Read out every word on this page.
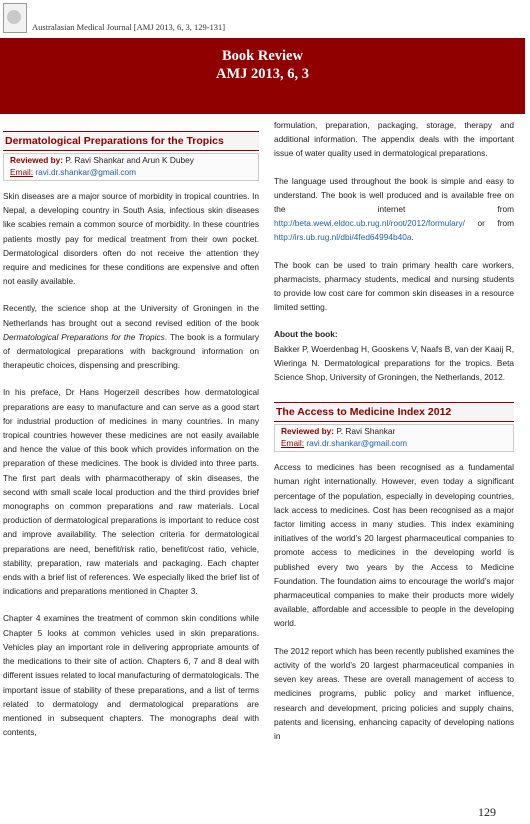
Australasian Medical Journal [AMJ 2013, 6, 3, 129-131]
Book Review
AMJ 2013, 6, 3
Dermatological Preparations for the Tropics
Reviewed by: P. Ravi Shankar and Arun K Dubey
Email: ravi.dr.shankar@gmail.com
Skin diseases are a major source of morbidity in tropical countries. In Nepal, a developing country in South Asia, infectious skin diseases like scabies remain a common source of morbidity. In these countries patients mostly pay for medical treatment from their own pocket. Dermatological disorders often do not receive the attention they require and medicines for these conditions are expensive and often not easily available.
Recently, the science shop at the University of Groningen in the Netherlands has brought out a second revised edition of the book Dermatological Preparations for the Tropics. The book is a formulary of dermatological preparations with background information on therapeutic choices, dispensing and prescribing.
In his preface, Dr Hans Hogerzeil describes how dermatological preparations are easy to manufacture and can serve as a good start for industrial production of medicines in many countries. In many tropical countries however these medicines are not easily available and hence the value of this book which provides information on the preparation of these medicines. The book is divided into three parts. The first part deals with pharmacotherapy of skin diseases, the second with small scale local production and the third provides brief monographs on common preparations and raw materials. Local production of dermatological preparations is important to reduce cost and improve availability. The selection criteria for dermatological preparations are need, benefit/risk ratio, benefit/cost ratio, vehicle, stability, preparation, raw materials and packaging. Each chapter ends with a brief list of references. We especially liked the brief list of indications and preparations mentioned in Chapter 3.
Chapter 4 examines the treatment of common skin conditions while Chapter 5 looks at common vehicles used in skin preparations. Vehicles play an important role in delivering appropriate amounts of the medications to their site of action. Chapters 6, 7 and 8 deal with different issues related to local manufacturing of dermatologicals. The important issue of stability of these preparations, and a list of terms related to dermatology and dermatological preparations are mentioned in subsequent chapters. The monographs deal with contents,
formulation, preparation, packaging, storage, therapy and additional information. The appendix deals with the important issue of water quality used in dermatological preparations.
The language used throughout the book is simple and easy to understand. The book is well produced and is available free on the internet from http://beta.wewi.eldoc.ub.rug.nl/root/2012/formulary/ or from http://irs.ub.rug.nl/dbi/4fed64994b40a.
The book can be used to train primary health care workers, pharmacists, pharmacy students, medical and nursing students to provide low cost care for common skin diseases in a resource limited setting.
About the book:
Bakker P, Woerdenbag H, Gooskens V, Naafs B, van der Kaaij R, Wieringa N. Dermatological preparations for the tropics. Beta Science Shop, University of Groningen, the Netherlands, 2012.
The Access to Medicine Index 2012
Reviewed by: P. Ravi Shankar
Email: ravi.dr.shankar@gmail.com
Access to medicines has been recognised as a fundamental human right internationally. However, even today a significant percentage of the population, especially in developing countries, lack access to medicines. Cost has been recognised as a major factor limiting access in many studies. This index examining initiatives of the world’s 20 largest pharmaceutical companies to promote access to medicines in the developing world is published every two years by the Access to Medicine Foundation. The foundation aims to encourage the world’s major pharmaceutical companies to make their products more widely available, affordable and accessible to people in the developing world.
The 2012 report which has been recently published examines the activity of the world’s 20 largest pharmaceutical companies in seven key areas. These are overall management of access to medicines programs, public policy and market influence, research and development, pricing policies and supply chains, patents and licensing, enhancing capacity of developing nations in
129
